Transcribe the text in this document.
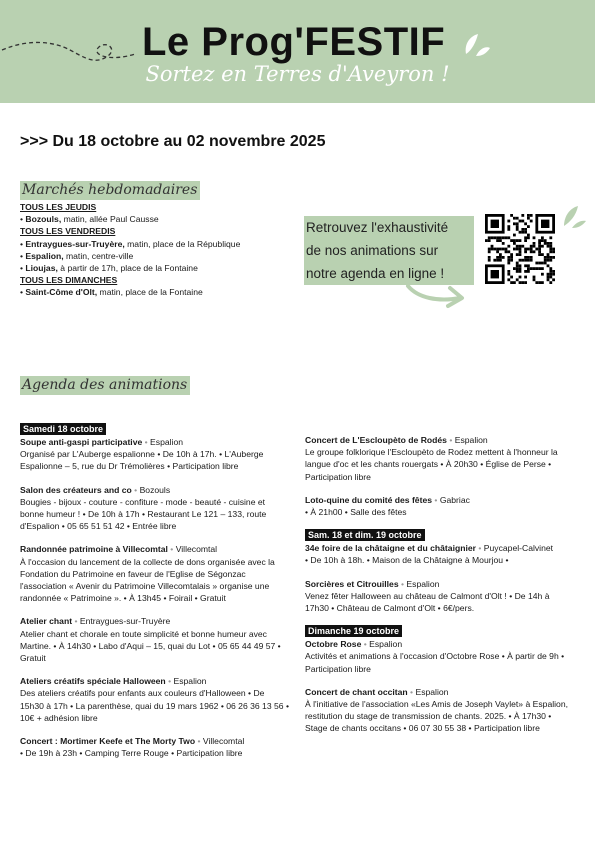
Le Prog'FESTIF
Sortez en Terres d'Aveyron !
>>> Du 18 octobre au 02 novembre 2025
Marchés hebdomadaires
TOUS LES JEUDIS
• Bozouls, matin, allée Paul Causse
TOUS LES VENDREDIS
• Entraygues-sur-Truyère, matin, place de la République
• Espalion, matin, centre-ville
• Lioujas, à partir de 17h, place de la Fontaine
TOUS LES DIMANCHES
• Saint-Côme d'Olt, matin, place de la Fontaine
Retrouvez l'exhaustivité
de nos animations sur
notre agenda en ligne !
Agenda des animations
Samedi 18 octobre
Soupe anti-gaspi participative • Espalion
Organisé par L'Auberge espalionne • De 10h à 17h. • L'Auberge Espalionne – 5, rue du Dr Trémolières • Participation libre
Salon des créateurs and co • Bozouls
Bougies - bijoux - couture - confiture - mode - beauté - cuisine et bonne humeur ! • De 10h à 17h • Restaurant Le 121 – 133, route d'Espalion • 05 65 51 51 42 • Entrée libre
Randonnée patrimoine à Villecomtal • Villecomtal
À l'occasion du lancement de la collecte de dons organisée avec la Fondation du Patrimoine en faveur de l'Eglise de Ségonzac l'association « Avenir du Patrimoine Villecomtalais » organise une randonnée « Patrimoine ». • À 13h45 • Foirail • Gratuit
Atelier chant • Entraygues-sur-Truyère
Atelier chant et chorale en toute simplicité et bonne humeur avec Martine. • À 14h30 • Labo d'Aqui – 15, quai du Lot • 05 65 44 49 57 • Gratuit
Ateliers créatifs spéciale Halloween • Espalion
Des ateliers créatifs pour enfants aux couleurs d'Halloween • De 15h30 à 17h • La parenthèse, quai du 19 mars 1962 • 06 26 36 13 56 • 10€ + adhésion libre
Concert : Mortimer Keefe et The Morty Two • Villecomtal
• De 19h à 23h • Camping Terre Rouge • Participation libre
Concert de L'Escloupèto de Rodés • Espalion
Le groupe folklorique l'Escloupèto de Rodez mettent à l'honneur la langue d'oc et les chants rouergats • À 20h30 • Église de Perse • Participation libre
Loto-quine du comité des fêtes • Gabriac
• À 21h00 • Salle des fêtes
Sam. 18 et dim. 19 octobre
34e foire de la châtaigne et du châtaignier • Puycapel-Calvinet
• De 10h à 18h. • Maison de la Châtaigne à Mourjou •
Sorcières et Citrouilles • Espalion
Venez fêter Halloween au château de Calmont d'Olt ! • De 14h à 17h30 • Château de Calmont d'Olt • 6€/pers.
Dimanche 19 octobre
Octobre Rose • Espalion
Activités et animations à l'occasion d'Octobre Rose • À partir de 9h • Participation libre
Concert de chant occitan • Espalion
À l'initiative de l'association «Les Amis de Joseph Vaylet» à Espalion, restitution du stage de transmission de chants. 2025. • À 17h30 • Stage de chants occitans • 06 07 30 55 38 • Participation libre
